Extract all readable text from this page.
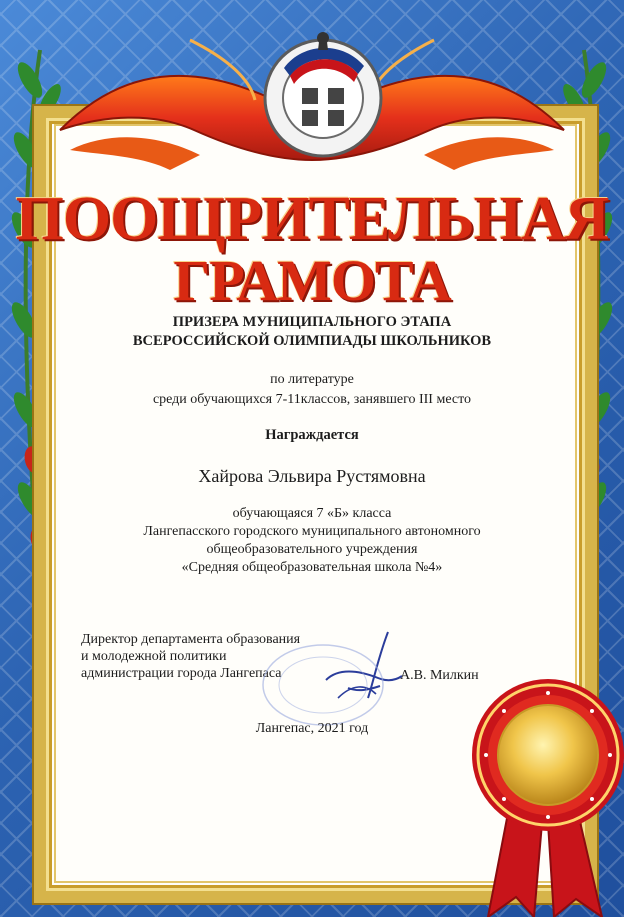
ПООЩРИТЕЛЬНАЯ
ГРАМОТА
ПРИЗЕРА МУНИЦИПАЛЬНОГО ЭТАПА
ВСЕРОССИЙСКОЙ ОЛИМПИАДЫ ШКОЛЬНИКОВ
по литературе
среди обучающихся 7-11классов, занявшего III место
Награждается
Хайрова Эльвира Рустямовна
обучающаяся 7 «Б» класса
Лангепасского городского муниципального автономного
общеобразовательного учреждения
«Средняя общеобразовательная школа №4»
Директор департамента образования
и молодежной политики
администрации города Лангепаса	А.В. Милкин
Лангепас, 2021 год
